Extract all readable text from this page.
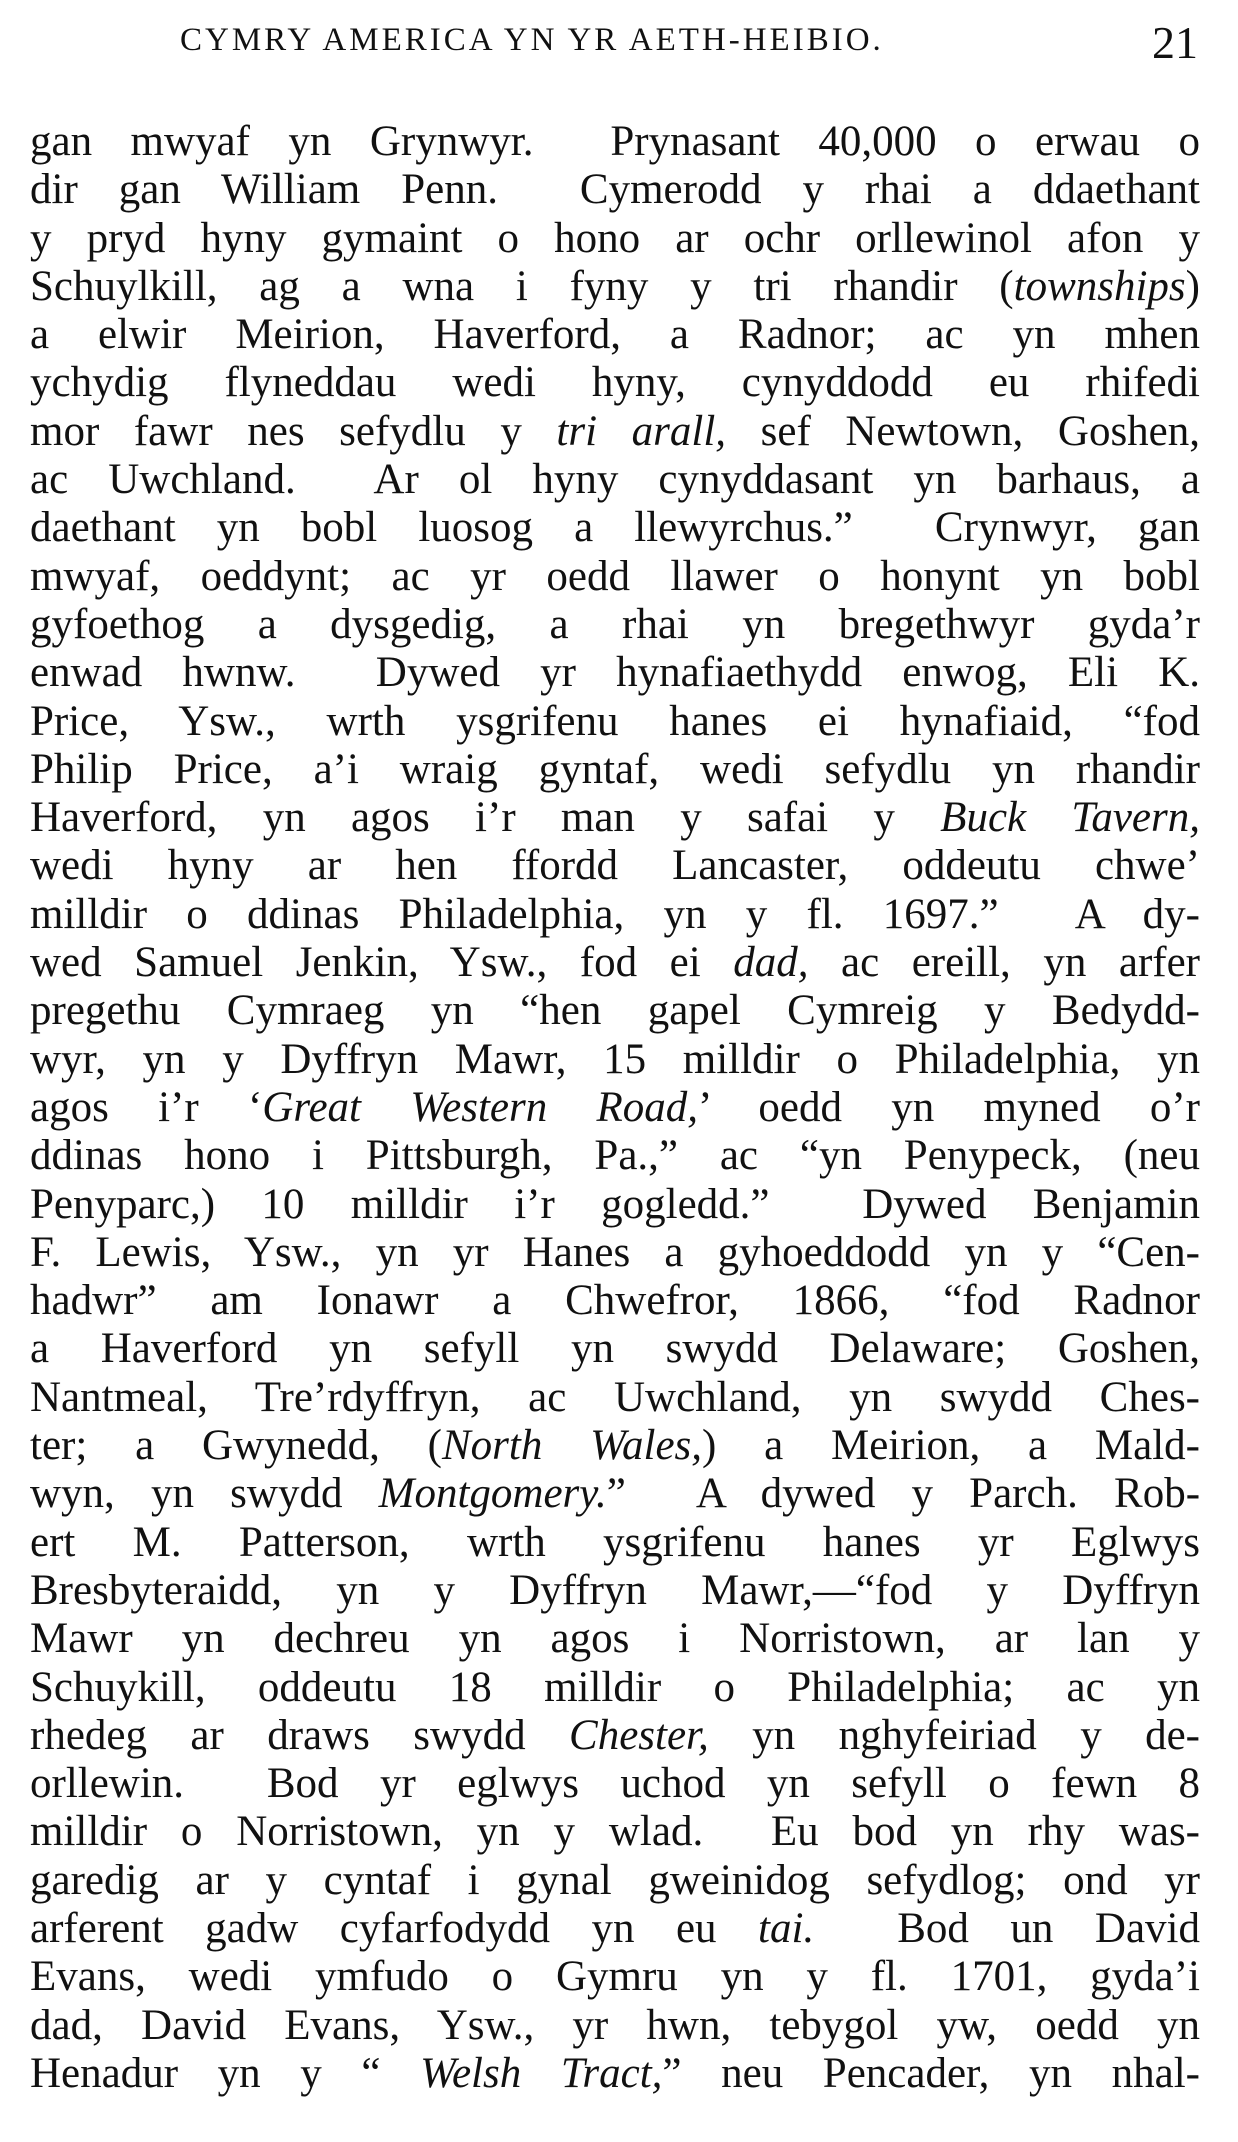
CYMRY AMERICA YN YR AETH-HEIBIO.	21
gan mwyaf yn Grynwyr.  Prynasant 40,000 o erwau o
dir gan William Penn.  Cymerodd y rhai a ddaethant
y pryd hyny gymaint o hono ar ochr orllewinol afon y
Schuylkill, ag a wna i fyny y tri rhandir (townships)
a elwir Meirion, Haverford, a Radnor; ac yn mhen
ychydig flyneddau wedi hyny, cynyddodd eu rhifedi
mor fawr nes sefydlu y tri arall, sef Newtown, Goshen,
ac Uwchland.  Ar ol hyny cynyddasant yn barhaus, a
daethant yn bobl luosog a llewyrchus.”  Crynwyr, gan
mwyaf, oeddynt; ac yr oedd llawer o honynt yn bobl
gyfoethog a dysgedig, a rhai yn bregethwyr gyda’r
enwad hwnw.  Dywed yr hynafiaethydd enwog, Eli K.
Price, Ysw., wrth ysgrifenu hanes ei hynafiaid, “fod
Philip Price, a’i wraig gyntaf, wedi sefydlu yn rhandir
Haverford, yn agos i’r man y safai y Buck Tavern,
wedi hyny ar hen ffordd Lancaster, oddeutu chwe’
milldir o ddinas Philadelphia, yn y fl. 1697.”  A dy-
wed Samuel Jenkin, Ysw., fod ei dad, ac ereill, yn arfer
pregethu Cymraeg yn “hen gapel Cymreig y Bedydd-
wyr, yn y Dyffryn Mawr, 15 milldir o Philadelphia, yn
agos i’r ‘Great Western Road,’ oedd yn myned o’r
ddinas hono i Pittsburgh, Pa.,” ac “yn Penypeck, (neu
Penyparc,) 10 milldir i’r gogledd.”  Dywed Benjamin
F. Lewis, Ysw., yn yr Hanes a gyhoeddodd yn y “Cen-
hadwr” am Ionawr a Chwefror, 1866, “fod Radnor
a Haverford yn sefyll yn swydd Delaware; Goshen,
Nantmeal, Tre’rdyffryn, ac Uwchland, yn swydd Ches-
ter; a Gwynedd, (North Wales,) a Meirion, a Mald-
wyn, yn swydd Montgomery.”  A dywed y Parch. Rob-
ert M. Patterson, wrth ysgrifenu hanes yr Eglwys
Bresbyteraidd, yn y Dyffryn Mawr,—“fod y Dyffryn
Mawr yn dechreu yn agos i Norristown, ar lan y
Schuykill, oddeutu 18 milldir o Philadelphia; ac yn
rhedeg ar draws swydd Chester, yn nghyfeiriad y de-
orllewin.  Bod yr eglwys uchod yn sefyll o fewn 8
milldir o Norristown, yn y wlad.  Eu bod yn rhy was-
garedig ar y cyntaf i gynal gweinidog sefydlog; ond yr
arferent gadw cyfarfodydd yn eu tai.  Bod un David
Evans, wedi ymfudo o Gymru yn y fl. 1701, gyda’i
dad, David Evans, Ysw., yr hwn, tebygol yw, oedd yn
Henadur yn y “ Welsh Tract,” neu Pencader, yn nhal-
